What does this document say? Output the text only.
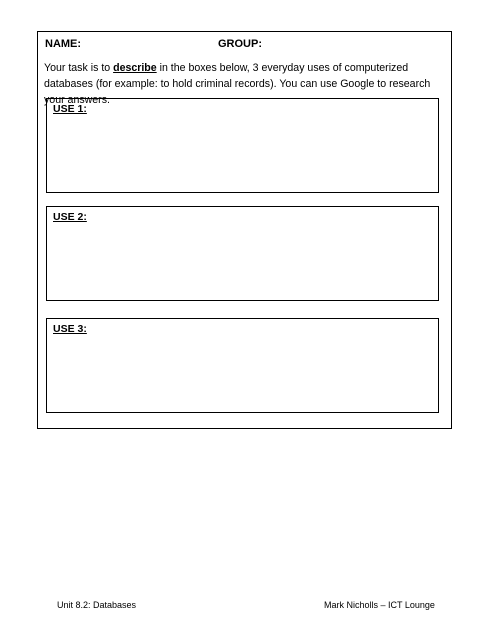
NAME:	GROUP:
Your task is to describe in the boxes below, 3 everyday uses of computerized databases (for example: to hold criminal records). You can use Google to research your answers.
USE 1:
USE 2:
USE 3:
Unit 8.2: Databases	Mark Nicholls – ICT Lounge
